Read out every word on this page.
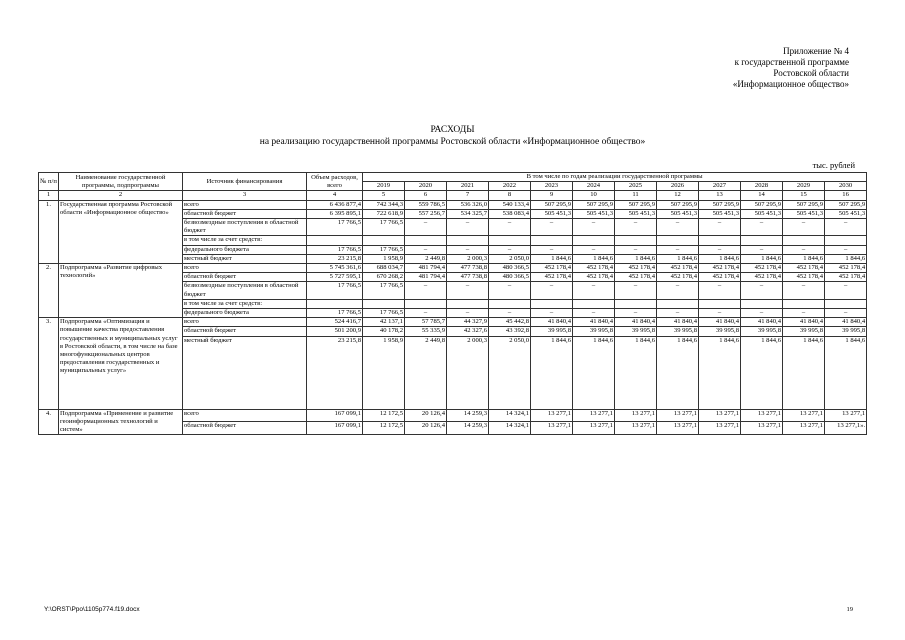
Приложение № 4
к государственной программе
Ростовской области
«Информационное общество»
РАСХОДЫ
на реализацию государственной программы Ростовской области «Информационное общество»
тыс. рублей
№ п/п	Наименование государственной программы, подпрограммы	Источник финансирования	Объем расходов, всего	В том числе по годам реализации государственной программы											
				2019	2020	2021	2022	2023	2024	2025	2026	2027	2028	2029	2030
1	2	3	4	5	6	7	8	9	10	11	12	13	14	15	16
1.	Государственная программа Ростовской области «Информационное общество»	всего	6 436 877,4	742 344,3	559 786,5	536 326,0	540 133,4	507 295,9	507 295,9	507 295,9	507 295,9	507 295,9	507 295,9	507 295,9	507 295,9
		областной бюджет	6 395 895,1	722 618,9	557 256,7	534 325,7	538 083,4	505 451,3	505 451,3	505 451,3	505 451,3	505 451,3	505 451,3	505 451,3	505 451,3
		безвозмездные поступления в областной бюджет	17 766,5	17 766,5	–	–	–	–	–	–	–	–	–	–	–
		в том числе за счет средств:													
		федерального бюджета	17 766,5	17 766,5	–	–	–	–	–	–	–	–	–	–	–
		местный бюджет	23 215,8	1 958,9	2 449,8	2 000,3	2 050,0	1 844,6	1 844,6	1 844,6	1 844,6	1 844,6	1 844,6	1 844,6	1 844,6
2.	Подпрограмма «Развитие цифровых технологий»	всего	5 745 361,6	688 034,7	481 794,4	477 738,8	480 366,5	452 178,4	452 178,4	452 178,4	452 178,4	452 178,4	452 178,4	452 178,4	452 178,4
		областной бюджет	5 727 595,1	670 268,2	481 794,4	477 738,8	480 366,5	452 178,4	452 178,4	452 178,4	452 178,4	452 178,4	452 178,4	452 178,4	452 178,4
		безвозмездные поступления в областной бюджет	17 766,5	17 766,5	–	–	–	–	–	–	–	–	–	–	–
		в том числе за счет средств:													
		федерального бюджета	17 766,5	17 766,5	–	–	–	–	–	–	–	–	–	–	–
3.	Подпрограмма «Оптимизация и повышение качества предоставления государственных и муниципальных услуг в Ростовской области, в том числе на базе многофункциональных центров предоставления государственных и муниципальных услуг»	всего	524 416,7	42 137,1	57 785,7	44 327,9	45 442,8	41 840,4	41 840,4	41 840,4	41 840,4	41 840,4	41 840,4	41 840,4	41 840,4
		областной бюджет	501 200,9	40 178,2	55 335,9	42 327,6	43 392,8	39 995,8	39 995,8	39 995,8	39 995,8	39 995,8	39 995,8	39 995,8	39 995,8
		местный бюджет	23 215,8	1 958,9	2 449,8	2 000,3	2 050,0	1 844,6	1 844,6	1 844,6	1 844,6	1 844,6	1 844,6	1 844,6	1 844,6
4.	Подпрограмма «Применение и развитие геоинформационных технологий и систем»	всего	167 099,1	12 172,5	20 126,4	14 259,3	14 324,1	13 277,1	13 277,1	13 277,1	13 277,1	13 277,1	13 277,1	13 277,1	13 277,1
		областной бюджет	167 099,1	12 172,5	20 126,4	14 259,3	14 324,1	13 277,1	13 277,1	13 277,1	13 277,1	13 277,1	13 277,1	13 277,1	13 277,1».
Y:\ORST\Ppo\1105p774.f19.docx	19
